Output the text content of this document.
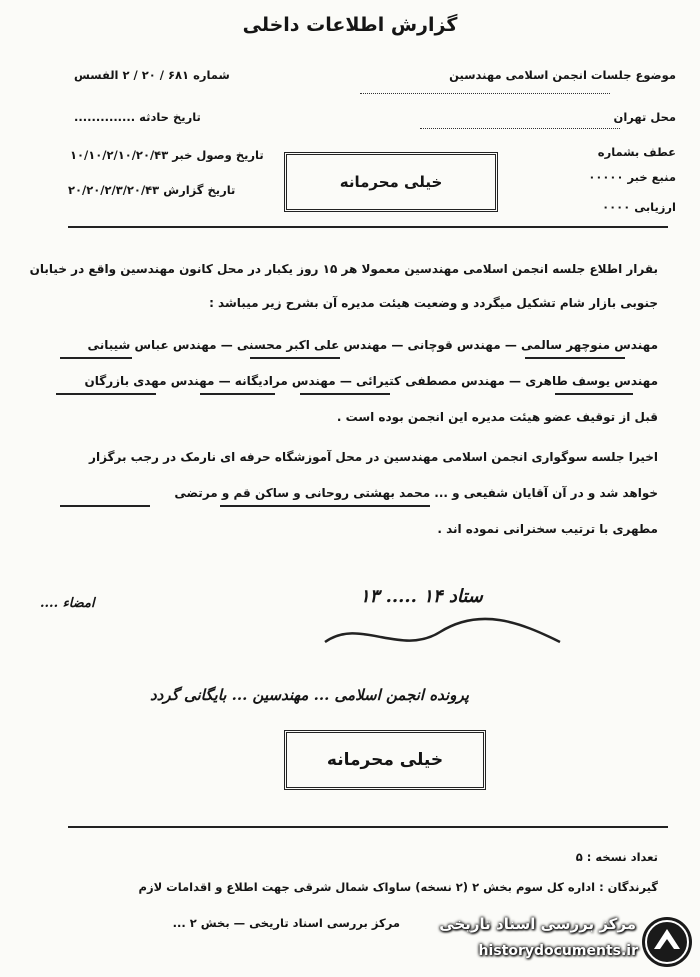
گزارش اطلاعات داخلی
شماره ۶۸۱ / ۲۰ / ۲ الفسس
تاریخ حادثه ..............
تاریخ وصول خبر ۱۰/۱۰/۲/۱۰/۲۰/۴۳
تاریخ گزارش ۲۰/۲۰/۲/۳/۲۰/۴۳
موضوع جلسات انجمن اسلامی مهندسین
محل تهران
عطف بشماره
منبع خبر ۰۰۰۰۰
ارزیابی ۰۰۰۰
خیلی محرمانه
بقرار اطلاع جلسه انجمن اسلامی مهندسین معمولا هر ۱۵ روز یکبار در محل کانون مهندسین واقع در خیابان
جنوبی بازار شام تشکیل میگردد و وضعیت هیئت مدیره آن بشرح زیر میباشد :
مهندس منوچهر سالمی — مهندس قوچانی — مهندس علی اکبر محسنی — مهندس عباس شیبانی
مهندس یوسف طاهری — مهندس مصطفی کتیرائی — مهندس مرادیگانه — مهندس مهدی بازرگان
قبل از توقیف عضو هیئت مدیره این انجمن بوده است .
اخیرا جلسه سوگواری انجمن اسلامی مهندسین در محل آموزشگاه حرفه ای نارمک در رجب برگزار
خواهد شد و در آن آقایان شفیعی و ... محمد بهشتی روحانی و ساکن قم و مرتضی
مطهری با ترتیب سخنرانی نموده اند .
امضاء ....	ستاد ۱۴ ..... ۱۳
پرونده انجمن اسلامی ... مهندسین ... بایگانی گردد
خیلی محرمانه
تعداد نسخه : ۵
گیرندگان : اداره کل سوم بخش ۲ (۲ نسخه) ساواک شمال شرقی جهت اطلاع و اقدامات لازم
مرکز بررسی اسناد تاریخی — بخش ۲ ...	مرکز بررسی اسناد تاریخی
historydocuments.ir
